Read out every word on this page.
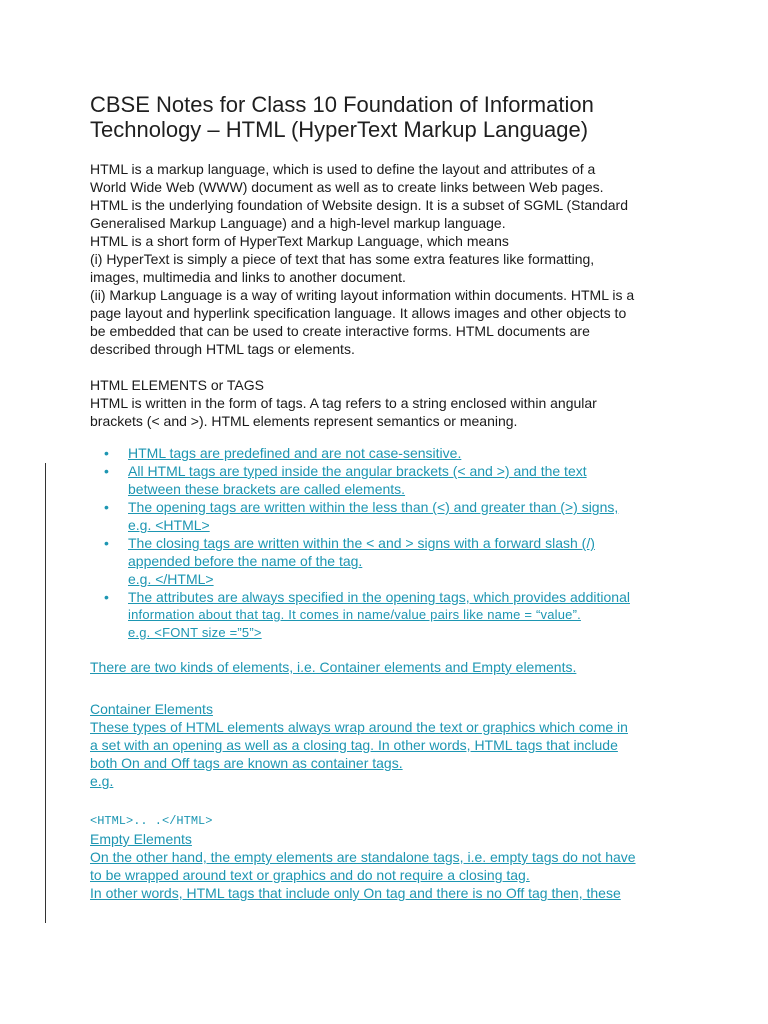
CBSE Notes for Class 10 Foundation of Information
Technology – HTML (HyperText Markup Language)
HTML is a markup language, which is used to define the layout and attributes of a
World Wide Web (WWW) document as well as to create links between Web pages.
HTML is the underlying foundation of Website design. It is a subset of SGML (Standard
Generalised Markup Language) and a high-level markup language.
HTML is a short form of HyperText Markup Language, which means
(i) HyperText is simply a piece of text that has some extra features like formatting,
images, multimedia and links to another document.
(ii) Markup Language is a way of writing layout information within documents. HTML is a
page layout and hyperlink specification language. It allows images and other objects to
be embedded that can be used to create interactive forms. HTML documents are
described through HTML tags or elements.
HTML ELEMENTS or TAGS
HTML is written in the form of tags. A tag refers to a string enclosed within angular
brackets (< and >). HTML elements represent semantics or meaning.
• HTML tags are predefined and are not case-sensitive.
• All HTML tags are typed inside the angular brackets (< and >) and the text
between these brackets are called elements.
• The opening tags are written within the less than (<) and greater than (>) signs,
e.g. <HTML>
• The closing tags are written within the < and > signs with a forward slash (/)
appended before the name of the tag.
e.g. </HTML>
• The attributes are always specified in the opening tags, which provides additional
information about that tag. It comes in name/value pairs like name = “value”.
e.g. <FONT size =”5”>
There are two kinds of elements, i.e. Container elements and Empty elements.
Container Elements
These types of HTML elements always wrap around the text or graphics which come in
a set with an opening as well as a closing tag. In other words, HTML tags that include
both On and Off tags are known as container tags.
e.g.
<HTML>.. .</HTML>
Empty Elements
On the other hand, the empty elements are standalone tags, i.e. empty tags do not have
to be wrapped around text or graphics and do not require a closing tag.
In other words, HTML tags that include only On tag and there is no Off tag then, these
